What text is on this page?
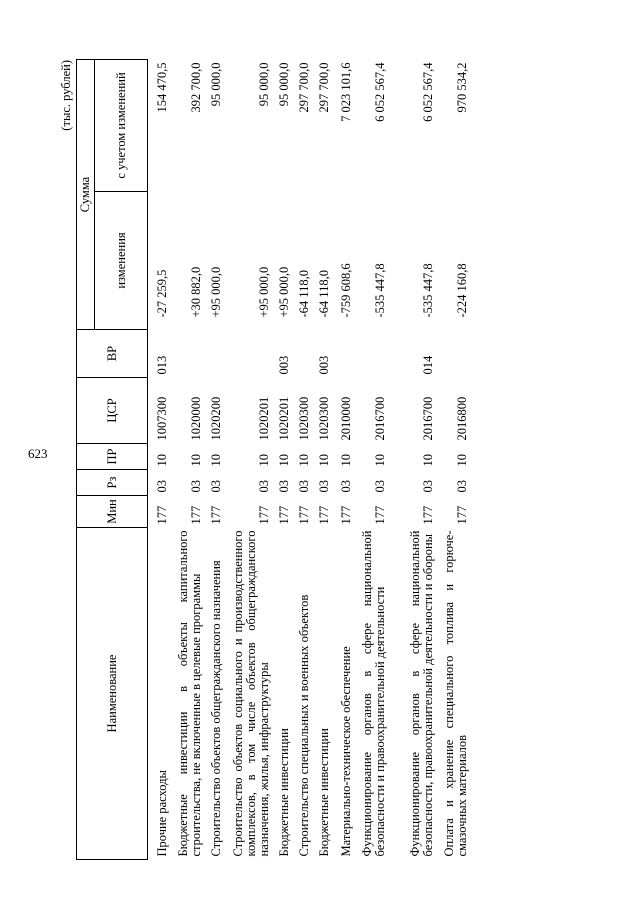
623
(тыс. рублей)
Наименование	Мин	Рз	ПР	ЦСР	ВР	Сумма	
						изменения	с учетом изменений
Прочие расходы	177	03	10	1007300	013	-27 259,5	154 470,5
Бюджетные инвестиции в объекты капитального строительства, не включенные в целевые программы	177	03	10	1020000		+30 882,0	392 700,0
Строительство объектов общегражданского назначения	177	03	10	1020200		+95 000,0	95 000,0
Строительство объектов социального и производственного комплексов, в том числе объектов общегражданского назначения, жилья, инфраструктуры	177	03	10	1020201		+95 000,0	95 000,0
Бюджетные инвестиции	177	03	10	1020201	003	+95 000,0	95 000,0
Строительство специальных и военных объектов	177	03	10	1020300		-64 118,0	297 700,0
Бюджетные инвестиции	177	03	10	1020300	003	-64 118,0	297 700,0
Материально-техническое обеспечение	177	03	10	2010000		-759 608,6	7 023 101,6
Функционирование органов в сфере национальной безопасности и правоохранительной деятельности	177	03	10	2016700		-535 447,8	6 052 567,4
Функционирование органов в сфере национальной безопасности, правоохранительной деятельности и обороны	177	03	10	2016700	014	-535 447,8	6 052 567,4
Оплата и хранение специального топлива и горюче-смазочных материалов	177	03	10	2016800		-224 160,8	970 534,2
